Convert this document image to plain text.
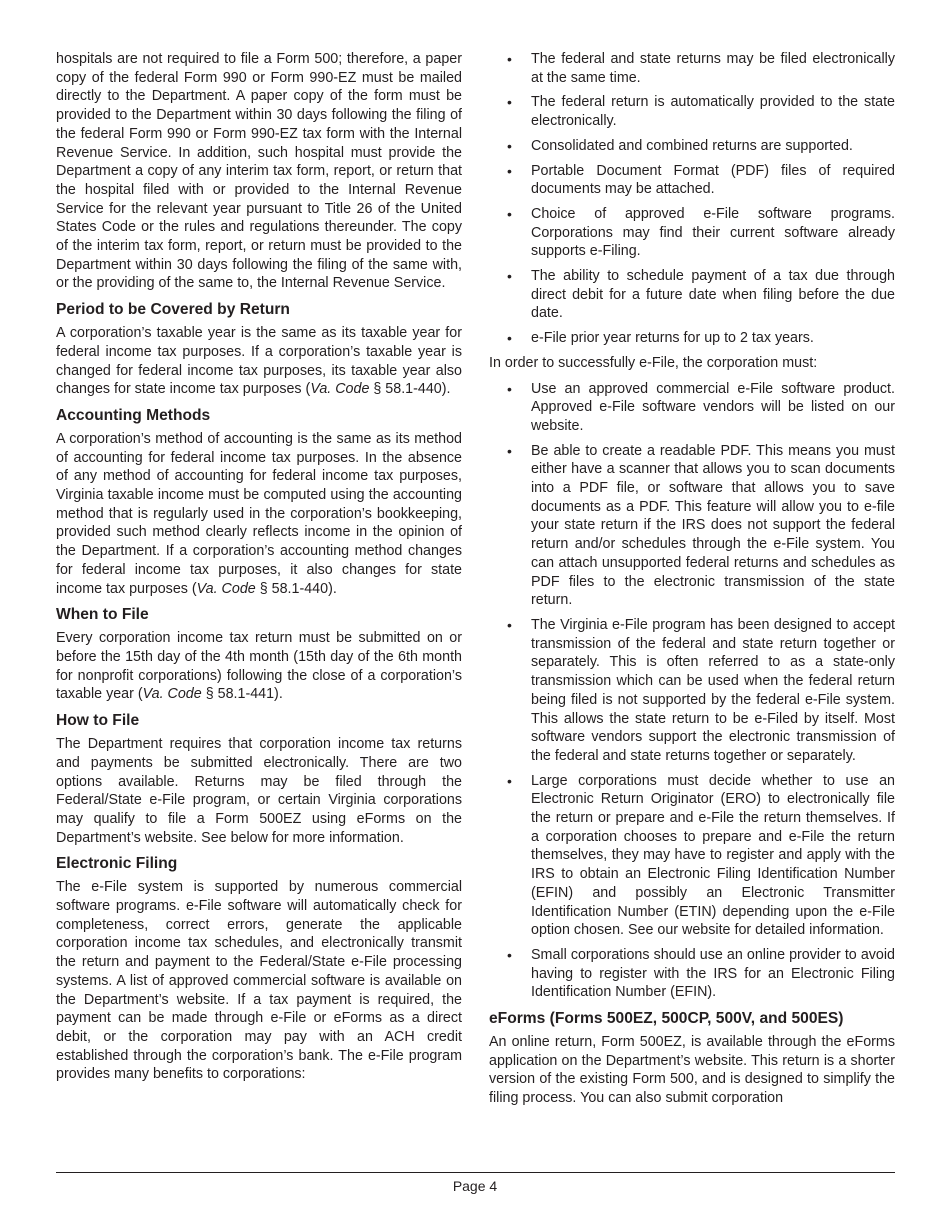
hospitals are not required to file a Form 500; therefore, a paper copy of the federal Form 990 or Form 990-EZ must be mailed directly to the Department. A paper copy of the form must be provided to the Department within 30 days following the filing of the federal Form 990 or Form 990-EZ tax form with the Internal Revenue Service. In addition, such hospital must provide the Department a copy of any interim tax form, report, or return that the hospital filed with or provided to the Internal Revenue Service for the relevant year pursuant to Title 26 of the United States Code or the rules and regulations thereunder. The copy of the interim tax form, report, or return must be provided to the Department within 30 days following the filing of the same with, or the providing of the same to, the Internal Revenue Service.

Period to be Covered by Return

A corporation’s taxable year is the same as its taxable year for federal income tax purposes. If a corporation’s taxable year is changed for federal income tax purposes, its taxable year also changes for state income tax purposes (Va. Code § 58.1-440).

Accounting Methods

A corporation’s method of accounting is the same as its method of accounting for federal income tax purposes. In the absence of any method of accounting for federal income tax purposes, Virginia taxable income must be computed using the accounting method that is regularly used in the corporation’s bookkeeping, provided such method clearly reflects income in the opinion of the Department. If a corporation’s accounting method changes for federal income tax purposes, it also changes for state income tax purposes (Va. Code § 58.1-440).

When to File

Every corporation income tax return must be submitted on or before the 15th day of the 4th month (15th day of the 6th month for nonprofit corporations) following the close of a corporation’s taxable year (Va. Code § 58.1-441).

How to File

The Department requires that corporation income tax returns and payments be submitted electronically. There are two options available. Returns may be filed through the Federal/State e-File program, or certain Virginia corporations may qualify to file a Form 500EZ using eForms on the Department’s website. See below for more information.

Electronic Filing

The e-File system is supported by numerous commercial software programs. e-File software will automatically check for completeness, correct errors, generate the applicable corporation income tax schedules, and electronically transmit the return and payment to the Federal/State e-File processing systems. A list of approved commercial software is available on the Department’s website. If a tax payment is required, the payment can be made through e-File or eForms as a direct debit, or the corporation may pay with an ACH credit established through the corporation’s bank. The e-File program provides many benefits to corporations:

• The federal and state returns may be filed electronically at the same time.
• The federal return is automatically provided to the state electronically.
• Consolidated and combined returns are supported.
• Portable Document Format (PDF) files of required documents may be attached.
• Choice of approved e-File software programs. Corporations may find their current software already supports e-Filing.
• The ability to schedule payment of a tax due through direct debit for a future date when filing before the due date.
• e-File prior year returns for up to 2 tax years.

In order to successfully e-File, the corporation must:

• Use an approved commercial e-File software product. Approved e-File software vendors will be listed on our website.
• Be able to create a readable PDF. This means you must either have a scanner that allows you to scan documents into a PDF file, or software that allows you to save documents as a PDF. This feature will allow you to e-file your state return if the IRS does not support the federal return and/or schedules through the e-File system. You can attach unsupported federal returns and schedules as PDF files to the electronic transmission of the state return.
• The Virginia e-File program has been designed to accept transmission of the federal and state return together or separately. This is often referred to as a state-only transmission which can be used when the federal return being filed is not supported by the federal e-File system. This allows the state return to be e-Filed by itself. Most software vendors support the electronic transmission of the federal and state returns together or separately.
• Large corporations must decide whether to use an Electronic Return Originator (ERO) to electronically file the return or prepare and e-File the return themselves. If a corporation chooses to prepare and e-File the return themselves, they may have to register and apply with the IRS to obtain an Electronic Filing Identification Number (EFIN) and possibly an Electronic Transmitter Identification Number (ETIN) depending upon the e-File option chosen. See our website for detailed information.
• Small corporations should use an online provider to avoid having to register with the IRS for an Electronic Filing Identification Number (EFIN).
eForms (Forms 500EZ, 500CP, 500V, and 500ES)

An online return, Form 500EZ, is available through the eForms application on the Department’s website. This return is a shorter version of the existing Form 500, and is designed to simplify the filing process. You can also submit corporation

Page 4
